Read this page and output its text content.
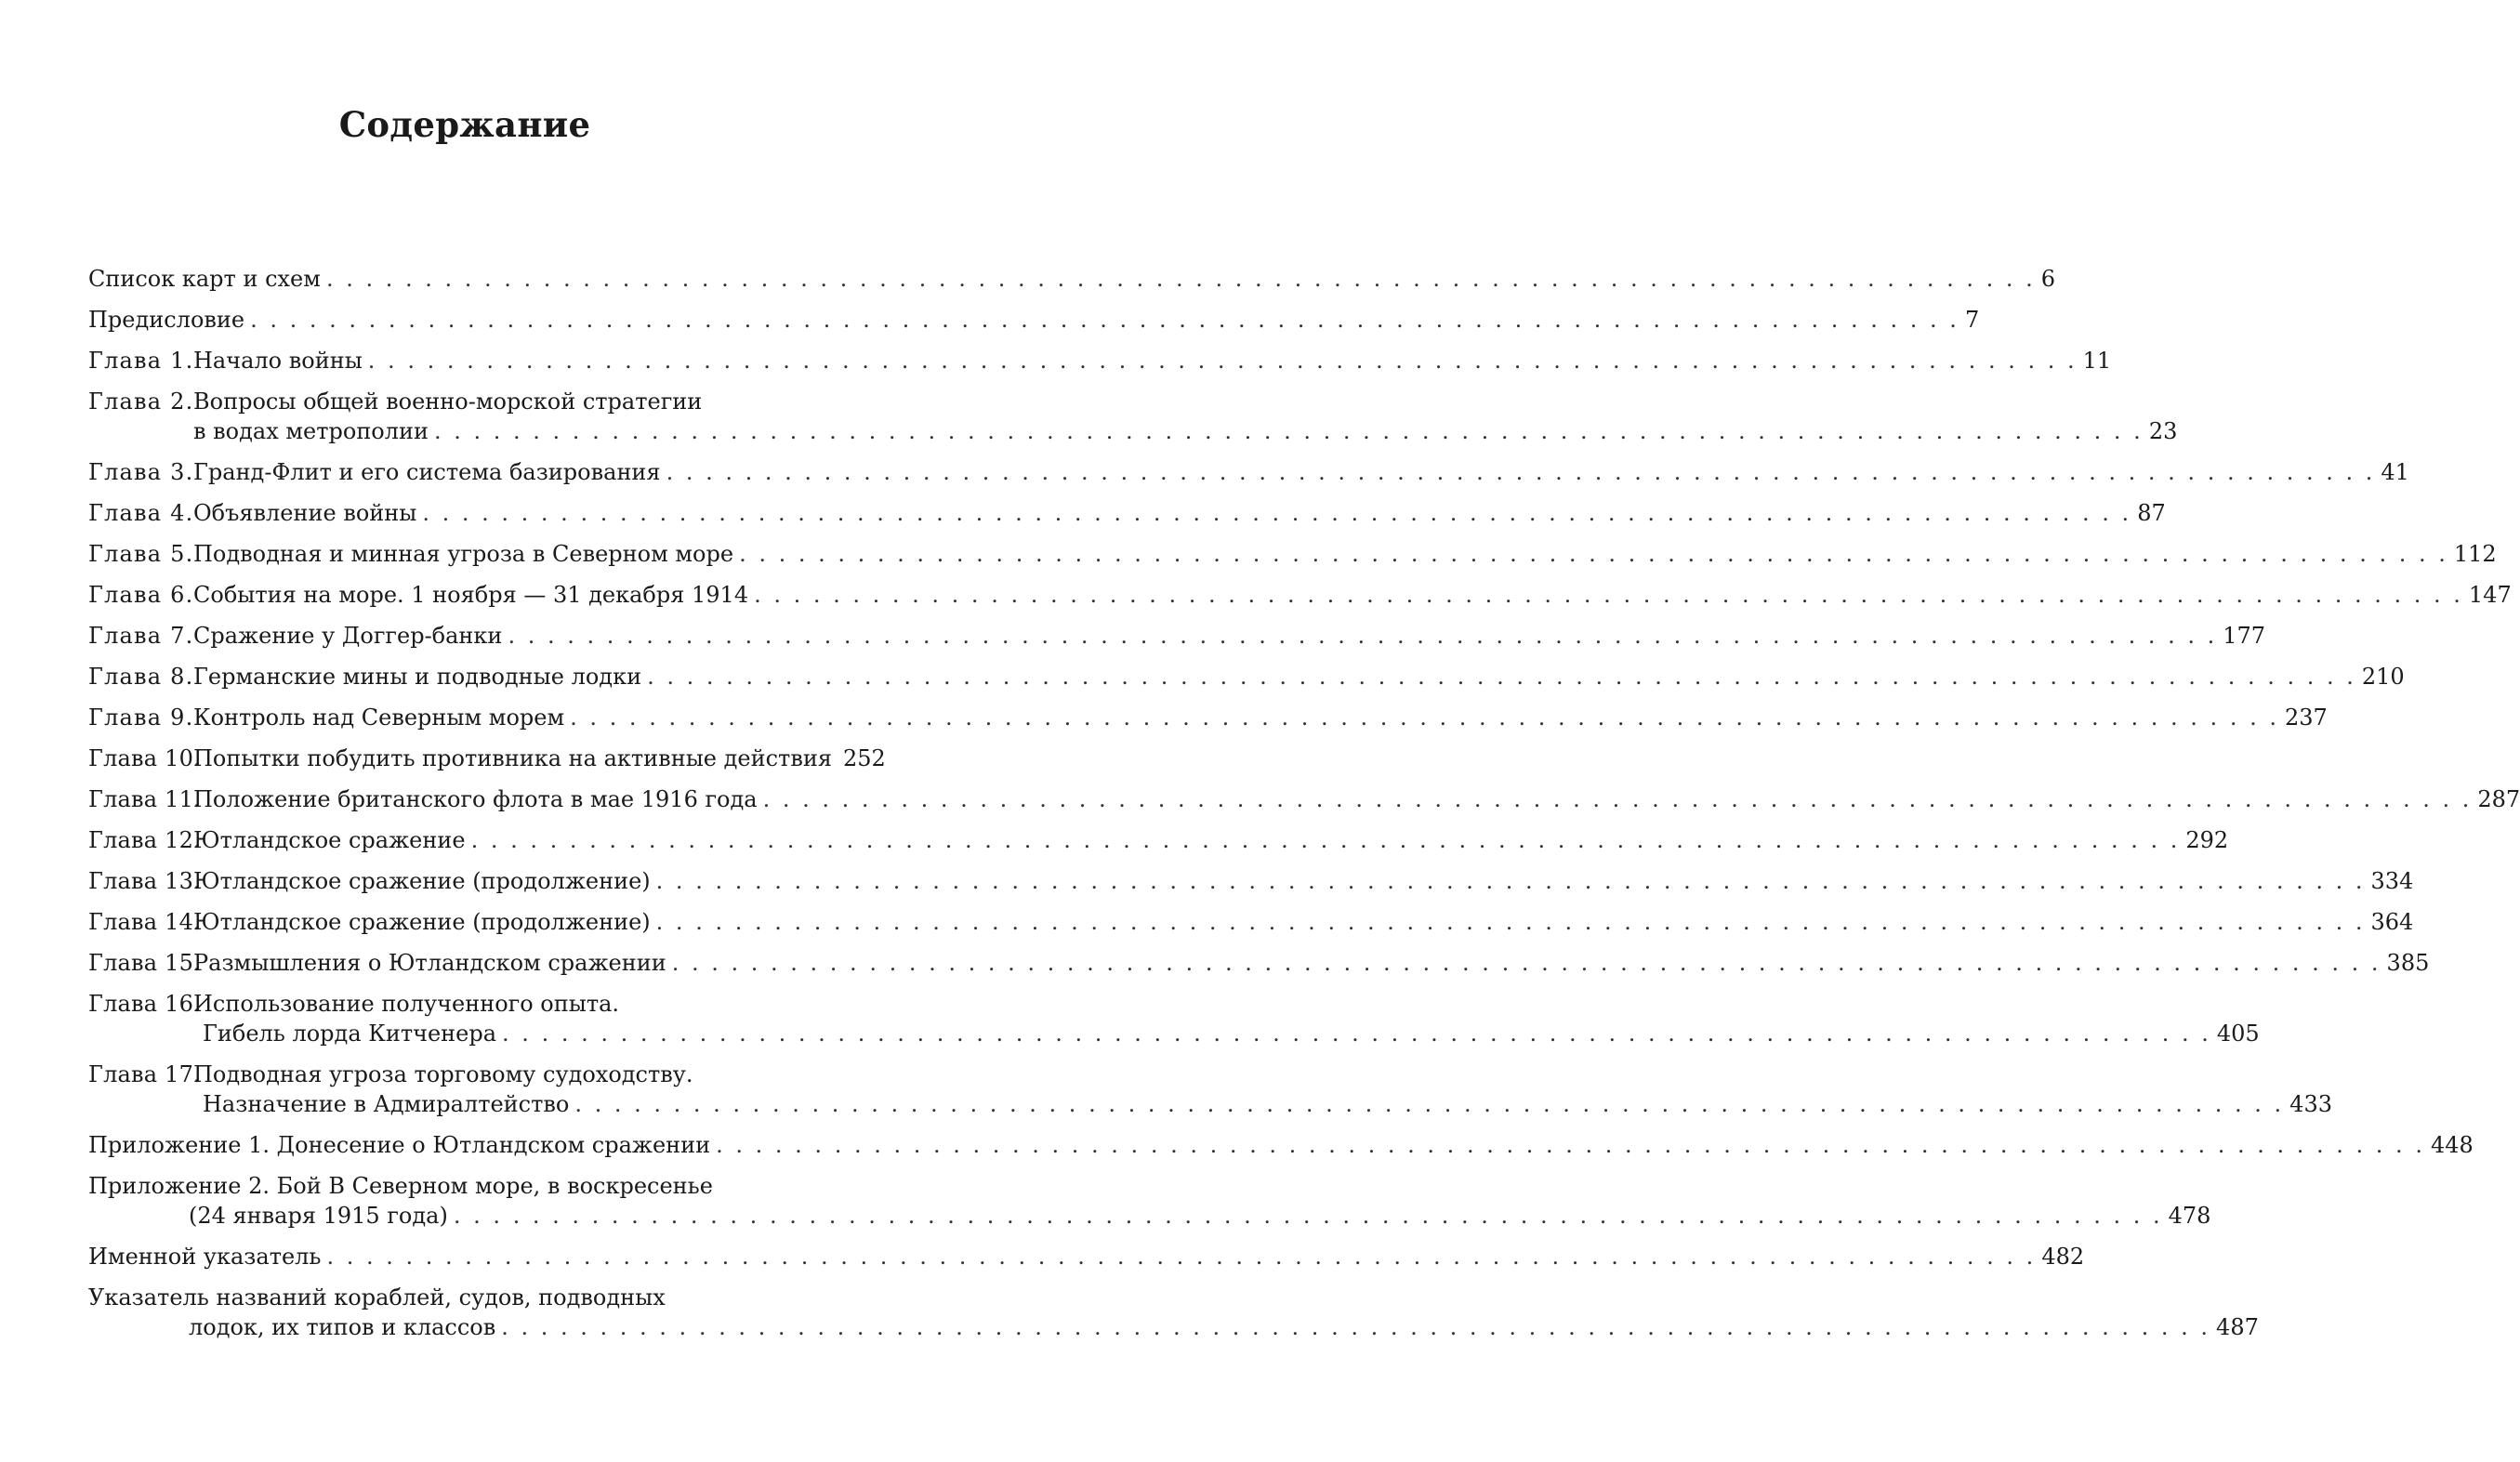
Содержание
Список карт и схем . . . . . . . . . . . . . . . . . . . . . . . . . . . . . . . . . . . . . . . . . . . . . . . . . . . . . . . . . . . . . . . . . . . . . . . . . . . . . . . . . . . . . . . 6
Предисловие . . . . . . . . . . . . . . . . . . . . . . . . . . . . . . . . . . . . . . . . . . . . . . . . . . . . . . . . . . . . . . . . . . . . . . . . . . . . . . . . . . . . . . . 7
Глава 1. Начало войны . . . . . . . . . . . . . . . . . . . . . . . . . . . . . . . . . . . . . . . . . . . . . . . . . . . . . . . . . . . . . . . . . . . . . . . . . . . . . . . . . . . . . . . 11
Глава 2. Вопросы общей военно-морской стратегии
в водах метрополии . . . . . . . . . . . . . . . . . . . . . . . . . . . . . . . . . . . . . . . . . . . . . . . . . . . . . . . . . . . . . . . . . . . . . . . . . . . . . . . . . . . . . . . 23
Глава 3. Гранд-Флит и его система базирования . . . . . . . . . . . . . . . . . . . . . . . . . . . . . . . . . . . . . . . . . . . . . . . . . . . . . . . . . . . . . . . . . . . . . . . . . . . . . . . . . . . . . . . 41
Глава 4. Объявление войны . . . . . . . . . . . . . . . . . . . . . . . . . . . . . . . . . . . . . . . . . . . . . . . . . . . . . . . . . . . . . . . . . . . . . . . . . . . . . . . . . . . . . . . 87
Глава 5. Подводная и минная угроза в Северном море . . . . . . . . . . . . . . . . . . . . . . . . . . . . . . . . . . . . . . . . . . . . . . . . . . . . . . . . . . . . . . . . . . . . . . . . . . . . . . . . . . . . . . . 112
Глава 6. События на море. 1 ноября — 31 декабря 1914 . . . . . . . . . . . . . . . . . . . . . . . . . . . . . . . . . . . . . . . . . . . . . . . . . . . . . . . . . . . . . . . . . . . . . . . . . . . . . . . . . . . . . . . 147
Глава 7. Сражение у Доггер-банки . . . . . . . . . . . . . . . . . . . . . . . . . . . . . . . . . . . . . . . . . . . . . . . . . . . . . . . . . . . . . . . . . . . . . . . . . . . . . . . . . . . . . . . 177
Глава 8. Германские мины и подводные лодки . . . . . . . . . . . . . . . . . . . . . . . . . . . . . . . . . . . . . . . . . . . . . . . . . . . . . . . . . . . . . . . . . . . . . . . . . . . . . . . . . . . . . . . 210
Глава 9. Контроль над Северным морем . . . . . . . . . . . . . . . . . . . . . . . . . . . . . . . . . . . . . . . . . . . . . . . . . . . . . . . . . . . . . . . . . . . . . . . . . . . . . . . . . . . . . . . 237
Глава 10.
Попытки побудить противника на активные действия 252
Глава 11.
Положение британского флота в мае 1916 года . . . . . . . . . . . . . . . . . . . . . . . . . . . . . . . . . . . . . . . . . . . . . . . . . . . . . . . . . . . . . . . . . . . . . . . . . . . . . . . . . . . . . . . 287
Глава 12.
Ютландское сражение . . . . . . . . . . . . . . . . . . . . . . . . . . . . . . . . . . . . . . . . . . . . . . . . . . . . . . . . . . . . . . . . . . . . . . . . . . . . . . . . . . . . . . . 292
Глава 13.
Ютландское сражение (продолжение) . . . . . . . . . . . . . . . . . . . . . . . . . . . . . . . . . . . . . . . . . . . . . . . . . . . . . . . . . . . . . . . . . . . . . . . . . . . . . . . . . . . . . . . 334
Глава 14.
Ютландское сражение (продолжение) . . . . . . . . . . . . . . . . . . . . . . . . . . . . . . . . . . . . . . . . . . . . . . . . . . . . . . . . . . . . . . . . . . . . . . . . . . . . . . . . . . . . . . . 364
Глава 15.
Размышления о Ютландском сражении . . . . . . . . . . . . . . . . . . . . . . . . . . . . . . . . . . . . . . . . . . . . . . . . . . . . . . . . . . . . . . . . . . . . . . . . . . . . . . . . . . . . . . . 385
Глава 16.
Использование полученного опыта.
Гибель лорда Китченера . . . . . . . . . . . . . . . . . . . . . . . . . . . . . . . . . . . . . . . . . . . . . . . . . . . . . . . . . . . . . . . . . . . . . . . . . . . . . . . . . . . . . . . 405
Глава 17.
Подводная угроза торговому судоходству.
Назначение в Адмиралтейство . . . . . . . . . . . . . . . . . . . . . . . . . . . . . . . . . . . . . . . . . . . . . . . . . . . . . . . . . . . . . . . . . . . . . . . . . . . . . . . . . . . . . . . 433
Приложение 1. Донесение о Ютландском сражении . . . . . . . . . . . . . . . . . . . . . . . . . . . . . . . . . . . . . . . . . . . . . . . . . . . . . . . . . . . . . . . . . . . . . . . . . . . . . . . . . . . . . . . 448
Приложение 2. Бой В Северном море, в воскресенье
(24 января 1915 года) . . . . . . . . . . . . . . . . . . . . . . . . . . . . . . . . . . . . . . . . . . . . . . . . . . . . . . . . . . . . . . . . . . . . . . . . . . . . . . . . . . . . . . . 478
Именной указатель . . . . . . . . . . . . . . . . . . . . . . . . . . . . . . . . . . . . . . . . . . . . . . . . . . . . . . . . . . . . . . . . . . . . . . . . . . . . . . . . . . . . . . . 482
Указатель названий кораблей, судов, подводных
лодок, их типов и классов . . . . . . . . . . . . . . . . . . . . . . . . . . . . . . . . . . . . . . . . . . . . . . . . . . . . . . . . . . . . . . . . . . . . . . . . . . . . . . . . . . . . . . . 487
